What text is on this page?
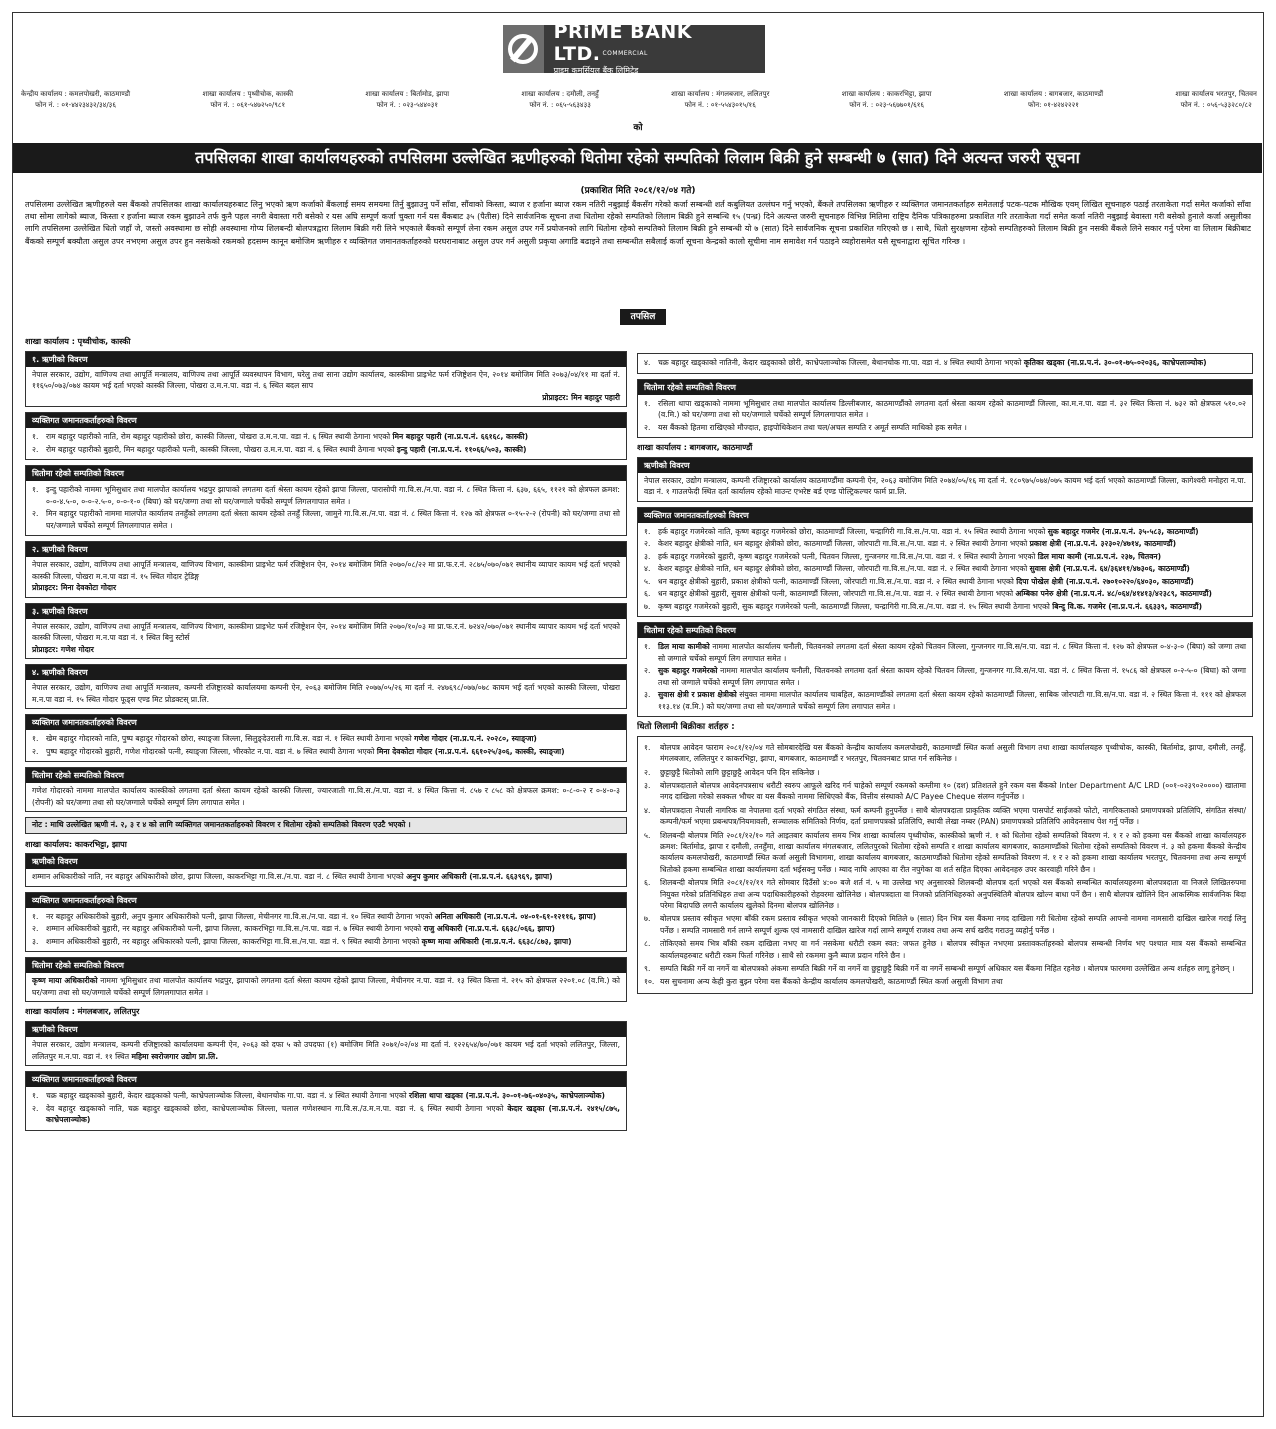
PRiME BANK LTD. $^{COMMERCIAL}$
प्राइम कमर्सियल बैंक लिमिटेड
केन्द्रीय कार्यालय : कमलपोखरी, काठमाण्डौ
फोन नं. : ०१-४४२३४३२/३४/३६
शाखा कार्यालय : पृथ्वीचोक, कास्की
फोन नं. : ०६१-५४७२५०/९८१
शाखा कार्यालय : बिर्तामोड, झापा
फोन नं. : ०२३-५४४०३१
शाखा कार्यालय : दमौली, तनहुँ
फोन नं. : ०६५-५६३४३३
शाखा कार्यालय : मंगलबजार, ललितपुर
फोन नं. : ०१-५५४३०१५/१६
शाखा कार्यालय : काकरभिट्टा, झापा
फोन नं. : ०२३-५६७७०१/६१६
शाखा कार्यालय : बागबजार, काठमाण्डौं
फोन: ०१-४२४२२२१
शाखा कार्यालय भरतपुर, चितवन
फोन नं. : ०५६-५३३२८०/८२
को
तपसिलका शाखा कार्यालयहरुको तपसिलमा उल्लेखित ऋणीहरुको धितोमा रहेको सम्पतिको लिलाम बिक्री हुने सम्बन्धी ७ (सात) दिने अत्यन्त जरुरी सूचना
(प्रकाशित मिति २०८१/१२/०४ गते)
तपसिलमा उल्लेखित ऋणीहरुले यस बैंकको तपसिलका शाखा कार्यालयहरुबाट लिनु भएको ऋण कर्जाको बैंकलाई समय समयमा तिर्नु बुझाउनु पर्ने साँवा, सौंवाको किस्ता, ब्याज र हर्जाना ब्याज रकम नतिरी नबुझाई बैंकसँग गरेको कर्जा सम्बन्धी शर्त कबुलियत उल्लंघन गर्नु भएको, बैंकले तपसिलका ऋणीहरु र व्यक्तिगत जमानतकर्ताहरु समेतलाई पटक-पटक मौखिक एवम् लिखित सूचनाहरु पठाई तरताकेता गर्दा समेत कर्जाको साँवा तथा सोमा लागेको ब्याज, किस्ता र हर्जाना ब्याज रकम बुझाउने तर्फ कुनै पहल नगरी बेवास्ता गरी बसेको र यस अघि सम्पूर्ण कर्जा चुक्ता गर्न यस बैंकबाट ३५ (पैतीस) दिने सार्वजनिक सूचना तथा धितोमा रहेको सम्पतिको लिलाम बिक्री हुने सम्बन्धि १५ (पन्ध्र) दिने अत्यन्त जरुरी सूचनाहरु विभिन्न मितिमा राष्ट्रिय दैनिक पत्रिकाहरुमा प्रकाशित गरि तरताकेता गर्दा समेत कर्जा नतिरी नबुझाई बेवास्ता गरी बसेको हुनाले कर्जा असुलीका लागि तपसिलमा उल्लेखित धितो जहाँ जे, जस्तो अवस्थामा छ सोही अवस्थामा गोप्य शिलबन्दी बोलपत्रद्वारा लिलाम बिक्री गरी लिने भएकाले बैंकको सम्पूर्ण लेना रकम असुल उपर गर्ने प्रयोजनको लागि धितोमा रहेको सम्पतिको लिलाम बिक्री हुने सम्बन्धी यो ७ (सात) दिने सार्वजनिक सूचना प्रकाशित गरिएको छ । साथै, धितो सुरक्षणमा रहेको सम्पतिहरुको लिलाम बिक्री हुन नसकी बैंकले लिने सकार गर्नु परेमा वा लिलाम बिक्रीबाट बैंकको सम्पूर्ण बक्यौता असुल उपर नभएमा असुल उपर हुन नसकेको रकमको हदसम्म कानून बमोजिम ऋणीहरु र व्यक्तिगत जमानतकर्ताहरुको घरघरानाबाट असुल उपर गर्न असुली प्रकृया अगाडि बढाइने तथा सम्बन्धीत सबैलाई कर्जा सूचना केन्द्रको कालो सूचीमा नाम समावेश गर्न पठाइने व्यहोरासमेत यसै सूचनाद्वारा सूचित गरिन्छ ।
तपसिल
शाखा कार्यालय : पृथ्वीचोक, कास्की
१. ऋणीको विवरण
नेपाल सरकार, उद्योग, वाणिज्य तथा आपूर्ति मन्त्रालय, वाणिज्य तथा आपूर्ति व्यवस्थापन विभाग, घरेलु तथा साना उद्योग कार्यालय, कास्कीमा प्राइभेट फर्म रजिष्ट्रेशन ऐन, २०१४ बमोजिम मिति २०७३/०४/११ मा दर्ता नं. ११६५०/०७३/०७४ कायम भई दर्ता भएको कास्की जिल्ला, पोखरा उ.म.न.पा. वडा नं. ६ स्थित बदल साप
प्रोप्राइटर: मिन बहादुर पहारी
व्यक्तिगत जमानतकर्ताहरुको विवरण
१.	राम बहादुर पहारीको नाति, रोम बहादुर पहारीको छोरा, कास्की जिल्ला, पोखरा उ.म.न.पा. वडा नं. ६ स्थित स्थायी ठेगाना भएको मिन बहादुर पहारी (ना.प्र.प.नं. ६६१६८, कास्की)
२.	रोम बहादुर पहारीको बुहारी, मिन बहादुर पहारीको पत्नी, कास्की जिल्ला, पोखरा उ.म.न.पा. वडा नं. ६ स्थित स्थायी ठेगाना भएको इन्दु पहारी (ना.प्र.प.नं. ११०६६/५०३, कास्की)
धितोमा रहेको सम्पतिको विवरण
१.	इन्दु पहारीको नाममा भूमिसुधार तथा मालपोत कार्यालय भद्रपुर झापाको लगतमा दर्ता श्रेस्ता कायम रहेको झापा जिल्ला, पारासोपी गा.वि.स./न.पा. वडा नं. ८ स्थित कित्ता नं. ६३७, ६६५, ११२१ को क्षेत्रफल क्रमश: ०-०-४.५-०, ०-०-२.५-०, ०-०-१-० (बिघा) को घर/जग्गा तथा सो घर/जग्गाले चर्चेको सम्पूर्ण लिगलगापात समेत ।
२.	मिन बहादुर पहारीको नाममा मालपोत कार्यालय तनहुँको लगतमा दर्ता श्रेस्ता कायम रहेको तनहुँ जिल्ला, जामुने गा.वि.स./न.पा. वडा नं. ८ स्थित कित्ता नं. १२७ को क्षेत्रफल ०-१५-२-२ (रोपनी) को घर/जग्गा तथा सो घर/जग्गाले चर्चेको सम्पूर्ण लिगलगापात समेत ।
२. ऋणीको विवरण
नेपाल सरकार, उद्योग, वाणिज्य तथा आपूर्ति मन्त्रालय, वाणिज्य विभाग, कास्कीमा प्राइभेट फर्म रजिष्ट्रेशन ऐन, २०१४ बमोजिम मिति २०७०/०८/२२ मा प्रा.फ.र.नं. २८७५/०७०/०७१ स्थानीय व्यापार कायम भई दर्ता भएको कास्की जिल्ला, पोखरा म.न.पा वडा नं. १५ स्थित गोदार ट्रेडिङ्ग
प्रोप्राइटर: मिना देवकोटा गोदार
३. ऋणीको विवरण
नेपाल सरकार, उद्योग, वाणिज्य तथा आपूर्ति मन्त्रालय, वाणिज्य विभाग, कास्कीमा प्राइभेट फर्म रजिष्ट्रेशन ऐन, २०१४ बमोजिम मिति २०७०/१०/०३ मा प्रा.फ.र.नं. ७२४२/०७०/०७१ स्थानीय व्यापार कायम भई दर्ता भएको कास्की जिल्ला, पोखरा म.न.पा वडा नं. १ स्थित बिनु स्टोर्स
प्रोप्राइटर: गणेश गोदार
४. ऋणीको विवरण
नेपाल सरकार, उद्योग, वाणिज्य तथा आपूर्ति मन्त्रालय, कम्पनी रजिष्ट्रारको कार्यालयमा कम्पनी ऐन, २०६३ बमोजिम मिति २०७७/०५/२६ मा दर्ता नं. २४७६९८/०७७/०७८ कायम भई दर्ता भएको कास्की जिल्ला, पोखरा म.न.पा वडा नं. १५ स्थित गोदार फूड्स एण्ड मिट प्रोडक्टस् प्रा.लि.
व्यक्तिगत जमानतकर्ताहरुको विवरण
१.	खेम बहादुर गोदारको नाति, पुष्प बहादुर गोदारको छोरा, स्याङ्जा जिल्ला, सिलुङ्देउराली गा.वि.स. वडा नं. १ स्थित स्थायी ठेगाना भएको गणेश गोदार (ना.प्र.प.नं. २०२८०, स्याङ्जा)
२.	पुष्प बहादुर गोदारको बुहारी, गणेश गोदारको पत्नी, स्याङ्जा जिल्ला, भीरकोट न.पा. वडा नं. ७ स्थित स्थायी ठेगाना भएको मिना देवकोटा गोदार (ना.प्र.प.नं. ६६१०२५/३०६, कास्की, स्याङ्जा)
धितोमा रहेको सम्पतिको विवरण
गणेश गोदारको नाममा मालपोत कार्यालय कास्कीको लगतमा दर्ता श्रेस्ता कायम रहेको कास्की जिल्ला, ज्यारजाती गा.वि.स./न.पा. वडा नं. ४ स्थित कित्ता नं. ८५७ र ८५८ को क्षेत्रफल क्रमश: ०-८-०-२ र ०-४-०-३ (रोपनी) को घर/जग्गा तथा सो घर/जग्गाले चर्चेको सम्पूर्ण लिग लगापात समेत ।
नोट : माथि उल्लेखित ऋणी नं. २, ३ र ४ को लागि व्यक्तिगत जमानतकर्ताहरुको विवरण र धितोमा रहेको सम्पतिको विवरण एउटै भएको ।
शाखा कार्यालय: काकरभिट्टा, झापा
ऋणीको विवरण
शम्मान अधिकारीको नाति, नर बहादुर अधिकारीको छोरा, झापा जिल्ला, काकरभिट्टा गा.वि.स./न.पा. वडा नं. ८ स्थित स्थायी ठेगाना भएको अनुप कुमार अधिकारी (ना.प्र.प.नं. ६६३९६९, झापा)
व्यक्तिगत जमानतकर्ताहरुको विवरण
१.	नर बहादुर अधिकारीको बुहारी, अनुप कुमार अधिकारीको पत्नी, झापा जिल्ला, मेचीनगर गा.वि.स./न.पा. वडा नं. १० स्थित स्थायी ठेगाना भएको अनिता अधिकारी (ना.प्र.प.नं. ०४-०१-६१-१२११६, झापा)
२.	शम्मान अधिकारीको बुहारी, नर बहादुर अधिकारीको पत्नी, झापा जिल्ला, काकरभिट्टा गा.वि.स./न.पा. वडा नं. ७ स्थित स्थायी ठेगाना भएको राजु अधिकारी (ना.प्र.प.नं. ६६३८/०६६, झापा)
३.	शम्मान अधिकारीको बुहारी, नर बहादुर अधिकारको पत्नी, झापा जिल्ला, काकरभिट्टा गा.वि.स./न.पा. वडा नं. ९ स्थित स्थायी ठेगाना भएको कृष्ण माया अधिकारी (ना.प्र.प.नं. ६६३८/८७३, झापा)
धितोमा रहेको सम्पतिको विवरण
कृष्ण माया अधिकारीको नाममा भूमिसुधार तथा मालपोत कार्यालय भद्रपुर, झापाको लगतमा दर्ता श्रेस्ता कायम रहेको झापा जिल्ला, मेचीनगर न.पा. वडा नं. १३ स्थित कित्ता नं. २१५ को क्षेत्रफल २२०१.०८ (व.मि.) को घर/जग्गा तथा सो घर/जग्गाले चर्चेको सम्पूर्ण लिगलगापात समेत ।
शाखा कार्यालय : मंगलबजार, ललितपुर
ऋणीको विवरण
नेपाल सरकार, उद्योग मन्त्रालय, कम्पनी रजिष्ट्रारको कार्यालयमा कम्पनी ऐन, २०६३ को दफा ५ को उपदफा (१) बमोजिम मिति २०७१/०२/०४ मा दर्ता नं. १२२६५४/७०/०७१ कायम भई दर्ता भएको ललितपुर, जिल्ला, ललितपुर म.न.पा. वडा नं. ११ स्थित महिमा स्वरोजगार उद्योग प्रा.लि.
व्यक्तिगत जमानतकर्ताहरुको विवरण
१.	चक्र बहादुर खड्काको बुहारी, केदार खड्काको पत्नी, काभ्रेपलाञ्चोक जिल्ला, बेथानचोक गा.पा. वडा नं. ४ स्थित स्थायी ठेगाना भएको रशिला थापा खड्का (ना.प्र.प.नं. ३०-०१-७६-०४०३५, काभ्रेपलाञ्चोक)
२.	देव बहादुर खड्काको नाति, चक्र बहादुर खड्काको छोरा, काभ्रेपलाञ्चोक जिल्ला, चलाल गणेशस्थान गा.वि.स./उ.म.न.पा. वडा नं. ६ स्थित स्थायी ठेगाना भएको केदार खड्का (ना.प्र.प.नं. २४१५/८७५, काभ्रेपलाञ्चोक)
४.	चक्र बहादुर खड्काको नातिनी, केदार खड्काको छोरी, काभ्रेपलाञ्चोक जिल्ला, बेथानचोक गा.पा. वडा नं. ४ स्थित स्थायी ठेगाना भएको कृतिका खड्का (ना.प्र.प.नं. ३०-०१-७५-०२०३६, काभ्रेपलाञ्चोक)
धितोमा रहेको सम्पतिको विवरण
१.	रसिला थापा खड्काको नाममा भूमिसुधार तथा मालपोत कार्यालय डिल्लीबजार, काठमाण्डौंको लगतमा दर्ता श्रेस्ता कायम रहेको काठमाण्डौं जिल्ला, का.म.न.पा. वडा नं. ३२ स्थित कित्ता नं. ७३२ को क्षेत्रफल ५१०.०२ (व.मि.) को घर/जग्गा तथा सो घर/जग्गाले चर्चेको सम्पूर्ण लिगलगापात समेत ।
२.	यस बैंकको हितमा राखिएको मौज्दात, हाइपोथिकेशन तथा चल/अचल सम्पति र अमूर्त सम्पति माथिको हक समेत ।
शाखा कार्यालय : बागबजार, काठमाण्डौं
ऋणीको विवरण
नेपाल सरकार, उद्योग मन्त्रालय, कम्पनी रजिष्ट्रारको कार्यालय काठमाण्डौंमा कम्पनी ऐन, २०६३ बमोजिम मिति २०७४/०५/१६ मा दर्ता नं. १८०९७५/०७४/०७५ कायम भई दर्ता भएको काठमाण्डौं जिल्ला, कागेश्वरी मनोहरा न.पा. वडा नं. १ गाउलफेदी स्थित दर्ता कार्यालय रहेको माउन्ट एभरेष्ट बर्ड एण्ड पोल्ट्रिकल्चर फार्म प्रा.लि.
व्यक्तिगत जमानतकर्ताहरुको विवरण
१.	हर्क बहादुर गजमेरको नाति, कृष्ण बहादुर गजमेरको छोरा, काठमाण्डौं जिल्ला, चन्द्रागिरी गा.वि.स./न.पा. वडा नं. १५ स्थित स्थायी ठेगाना भएको सुक बहादुर गजमेर (ना.प्र.प.नं. ३५-५८३, काठमाण्डौं)
२.	केशर बहादुर क्षेत्रीको नाति, धन बहादुर क्षेत्रीको छोरा, काठमाण्डौं जिल्ला, जोरपाटी गा.वि.स./न.पा. वडा नं. २ स्थित स्थायी ठेगाना भएको प्रकाश क्षेत्री (ना.प्र.प.नं. ३२३०२/४७१४, काठमाण्डौं)
३.	हर्क बहादुर गजमेरको बुहारी, कृष्ण बहादुर गजमेरको पत्नी, चितवन जिल्ला, गुन्जनगर गा.वि.स./न.पा. वडा नं. १ स्थित स्थायी ठेगाना भएको डिल माया कामी (ना.प्र.प.नं. २३७, चितवन)
४.	केशर बहादुर क्षेत्रीको नाति, धन बहादुर क्षेत्रीको छोरा, काठमाण्डौं जिल्ला, जोरपाटी गा.वि.स./न.पा. वडा नं. २ स्थित स्थायी ठेगाना भएको सुवास क्षेत्री (ना.प्र.प.नं. ६४/३६४११/४७३०६, काठमाण्डौं)
५.	धन बहादुर क्षेत्रीको बुहारी, प्रकाश क्षेत्रीको पत्नी, काठमाण्डौं जिल्ला, जोरपाटी गा.वि.स./न.पा. वडा नं. २ स्थित स्थायी ठेगाना भएको दिपा पोखेल क्षेत्री (ना.प्र.प.नं. २७०१०२२०/६४०३०, काठमाण्डौं)
६.	धन बहादुर क्षेत्रीको बुहारी, सुवास क्षेत्रीको पत्नी, काठमाण्डौं जिल्ला, जोरपाटी गा.वि.स./न.पा. वडा नं. २ स्थित स्थायी ठेगाना भएको अम्बिका पनेरु क्षेत्री (ना.प्र.प.नं. ४८/०६४/४१४१३/४२३८९, काठमाण्डौं)
७.	कृष्ण बहादुर गजमेरको बुहारी, सुक बहादुर गजमेरको पत्नी, काठमाण्डौं जिल्ला, चन्द्रागिरी गा.वि.स./न.पा. वडा नं. १५ स्थित स्थायी ठेगाना भएको बिन्दु वि.क. गजमेर (ना.प्र.प.नं. ६६३३९, काठमाण्डौं)
धितोमा रहेको सम्पतिको विवरण
१.	डिल माया कामीको नाममा मालपोत कार्यालय चनौली, चितवनको लगतमा दर्ता श्रेस्ता कायम रहेको चितवन जिल्ला, गुन्जनगर गा.वि.स/न.पा. वडा नं. ८ स्थित कित्ता नं. १२७ को क्षेत्रफल ०-४-३-० (बिघा) को जग्गा तथा सो जग्गाले चर्चेको सम्पूर्ण लिग लगापात समेत ।
२.	सुक बहादुर गजमेरको नाममा मालपोत कार्यालय चनौली, चितवनको लगतमा दर्ता श्रेस्ता कायम रहेको चितवन जिल्ला, गुन्जनगर गा.वि.स/न.पा. वडा नं. ८ स्थित कित्ता नं. १५८६ को क्षेत्रफल ०-२-५-० (बिघा) को जग्गा तथा सो जग्गाले चर्चेको सम्पूर्ण लिग लगापात समेत ।
३.	सुवास क्षेत्री र प्रकाश क्षेत्रीको संयुक्त नाममा मालपोत कार्यालय चाबहिल, काठमाण्डौंको लगतमा दर्ता श्रेस्ता कायम रहेको काठमाण्डौं जिल्ला, साबिक जोरपाटी गा.वि.स/न.पा. वडा नं. २ स्थित कित्ता नं. १११ को क्षेत्रफल ११३.१४ (व.मि.) को घर/जग्गा तथा सो घर/जग्गाले चर्चेको सम्पूर्ण लिग लगापात समेत ।
धितो लिलामी बिक्रीका शर्तहरु :
१.	बोलपत्र आवेदन फाराम २०८१/१२/०४ गते सोमबारदेखि यस बैंकको केन्द्रीय कार्यालय कमलपोखरी, काठमाण्डौं स्थित कर्जा असुली विभाग तथा शाखा कार्यालयहरु पृथ्वीचोक, कास्की, बिर्तामोड, झापा, दमौली, तनहुँ, मंगलबजार, ललितपुर र काकरभिट्टा, झापा, बागबजार, काठमाण्डौं र भरतपुर, चितवनबाट प्राप्त गर्न सकिनेछ ।
२.	छुट्टाछुट्टै धितोको लागि छुट्टाछुट्टै आवेदन पनि दिन सकिनेछ ।
३.	बोलपत्रदाताले बोलपत्र आवेदनपत्रसाथ धरौटी स्वरुप आफूले खरिद गर्न चाहेको सम्पूर्ण रकमको कम्तीमा १० (दश) प्रतिशतले हुने रकम यस बैंकको Inter Department A/C LRD (००१-०२३९०२००००) खातामा नगद दाखिला गरेको सक्कल भौचर वा यस बैंकको नाममा सिधिएको बैंक, वित्तीय संस्थाको A/C Payee Cheque संलग्न गर्नुपर्नेछ ।
४.	बोलपत्रदाता नेपाली नागरिक वा नेपालमा दर्ता भएको संगठित संस्था, फर्म कम्पनी हुनुपर्नेछ । साथै बोलपत्रदाता प्राकृतिक व्यक्ति भएमा पासपोर्ट साईजको फोटो, नागरिकताको प्रमाणपत्रको प्रतिलिपि, संगठित संस्था/कम्पनी/फर्म भएमा प्रबन्धपत्र/नियमावली, सञ्चालक समितिको निर्णय, दर्ता प्रमाणपत्रको प्रतिलिपि, स्थायी लेखा नम्बर (PAN) प्रमाणपत्रको प्रतिलिपि आवेदनसाथ पेश गर्नु पर्नेछ ।
५.	शिलबन्दी बोलपत्र मिति २०८१/१२/१० गते आइतबार कार्यालय समय भित्र शाखा कार्यालय पृथ्वीचोक, कास्कीको ऋणी नं. १ को धितोमा रहेको सम्पतिको विवरण नं. १ र २ को हकमा यस बैंकको शाखा कार्यालयहरु क्रमश: बिर्तामोड, झापा र दमौली, तनहुँमा, शाखा कार्यालय मंगलबजार, ललितपुरको धितोमा रहेको सम्पति र शाखा कार्यालय बागबजार, काठमाण्डौंको धितोमा रहेको सम्पतिको विवरण नं. ३ को हकमा बैंकको केन्द्रीय कार्यालय कमलपोखरी, काठमाण्डौं स्थित कर्जा असुली विभागमा, शाखा कार्यालय बागबजार, काठमाण्डौंको धितोमा रहेको सम्पतिको विवरण नं. १ र २ को हकमा शाखा कार्यालय भरतपुर, चितवनमा तथा अन्य सम्पूर्ण धितोको हकमा सम्बन्धित शाखा कार्यालयमा दर्ता भईसक्नु पर्नेछ । म्याद नाघि आएका वा रीत नपुगेका वा शर्त सहित दिएका आवेदनहरु उपर कारवाही गरिने छैन ।
६.	शिलबन्दी बोलपत्र मिति २०८१/१२/११ गते सोमबार दिउँसो ४:०० बजे शर्त नं. ५ मा उल्लेख भए अनुसारको शिलबन्दी बोलपत्र दर्ता भएको यस बैंकको सम्बन्धित कार्यालयहरुमा बोलपत्रदाता वा निजले लिखितरुपमा नियुक्त गरेको प्रतिनिधिहरु तथा अन्य पदाधिकारीहरुको रोहवरमा खोलिनेछ । बोलपत्रदाता वा निजको प्रतिनिधिहरुको अनुपस्थितिमै बोलपत्र खोल्न बाधा पर्ने छैन । साथै बोलपत्र खोलिने दिन आकस्मिक सार्वजनिक बिदा परेमा बिदापछि लगत्तै कार्यालय खुलेको दिनमा बोलपत्र खोलिनेछ ।
७.	बोलपत्र प्रस्ताव स्वीकृत भएमा बाँकी रकम प्रस्ताव स्वीकृत भएको जानकारी दिएको मितिले ७ (सात) दिन भित्र यस बैंकमा नगद दाखिला गरी धितोमा रहेको सम्पति आफ्नो नाममा नामसारी दाखिल खारेज गराई लिनु पर्नेछ । सम्पति नामसारी गर्न लाग्ने सम्पूर्ण शुल्क एवं नामसारी दाखिल खारेज गर्दा लाग्ने सम्पूर्ण राजश्व तथा अन्य सर्च खरीद गराउनु व्यहोर्नु पर्नेछ ।
८.	तोकिएको समय भित्र बाँकी रकम दाखिला नभए वा गर्न नसकेमा धरौटी रकम स्वत: जफत हुनेछ । बोलपत्र स्वीकृत नभएमा प्रस्तावकर्ताहरुको बोलपत्र सम्बन्धी निर्णय भए पश्चात मात्र यस बैंकको सम्बन्धित कार्यालयहरुबाट धरौटी रकम फिर्ता गरिनेछ । साथै सो रकममा कुनै ब्याज प्रदान गरिने छैन ।
९.	सम्पति बिक्री गर्ने वा नगर्ने वा बोलपत्रको अंकमा सम्पति बिक्री गर्ने वा नगर्ने वा छुट्टाछुट्टै बिक्री गर्ने वा नगर्ने सम्बन्धी सम्पूर्ण अधिकार यस बैंकमा निहित रहनेछ । बोलपत्र फारममा उल्लेखित अन्य शर्तहरु लागू हुनेछन् ।
१०. यस सुचनामा अन्य केही कुरा बुझ्न परेमा यस बैंकको केन्द्रीय कार्यालय कमलपोखरी, काठमाण्डौं स्थित कर्जा असुली विभाग तथा
